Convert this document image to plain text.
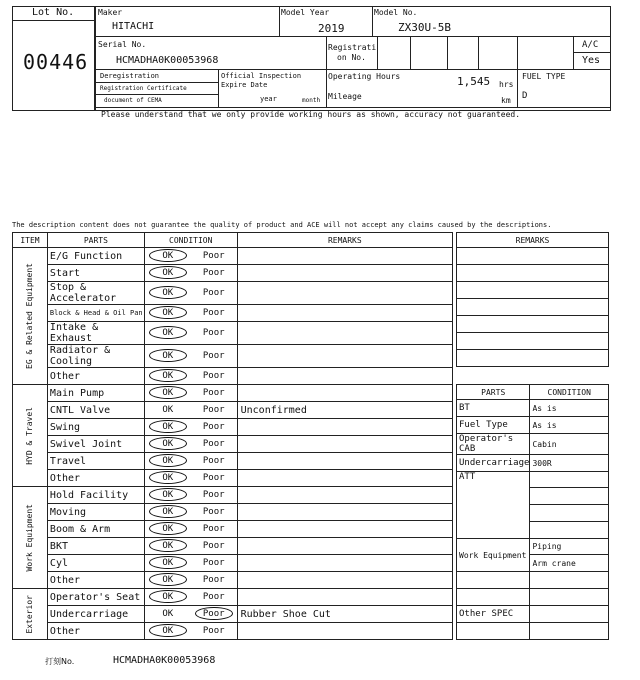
Lot No.
00446
Maker
HITACHI
Model Year
2019
Model No.
ZX30U-5B
Serial No.
HCMADHA0K00053968
Registrati
on No.
A/C
Yes
Deregistration
Registration Certificate
document of CEMA
Official Inspection
Expire Date
year	month
Operating Hours	1,545 hrs
Mileage	km
FUEL TYPE
D
Please understand that we only provide working hours as shown, accuracy not guaranteed.
The description content does not guarantee the quality of product and ACE will not accept any claims caused by the descriptions.
ITEM	PARTS	CONDITION	REMARKS

EG & Related Equipment	E/G Function	OK Poor	
	Start	OK Poor	
	Stop & Accelerator	OK Poor	
	Block & Head & Oil Pan	OK Poor	
	Intake & Exhaust	OK Poor	
	Radiator & Cooling	OK Poor	
	Other	OK Poor	

HYD & Travel	Main Pump	OK Poor	
	CNTL Valve	OK Poor	Unconfirmed
	Swing	OK Poor	
	Swivel Joint	OK Poor	
	Travel	OK Poor	
	Other	OK Poor	

Work Equipment	Hold Facility	OK Poor	
	Moving	OK Poor	
	Boom & Arm	OK Poor	
	BKT	OK Poor	
	Cyl	OK Poor	
	Other	OK Poor	

Exterior	Operator's Seat	OK Poor	
	Undercarriage	OK Poor	Rubber Shoe Cut
	Other	OK Poor	
REMARKS

PARTS	CONDITION
BT	As is
Fuel Type	As is
Operator's CAB	Cabin
Undercarriage	300R
ATT	

Work Equipment	Piping
	Arm crane

Other SPEC	

打刻No.	HCMADHA0K00053968
